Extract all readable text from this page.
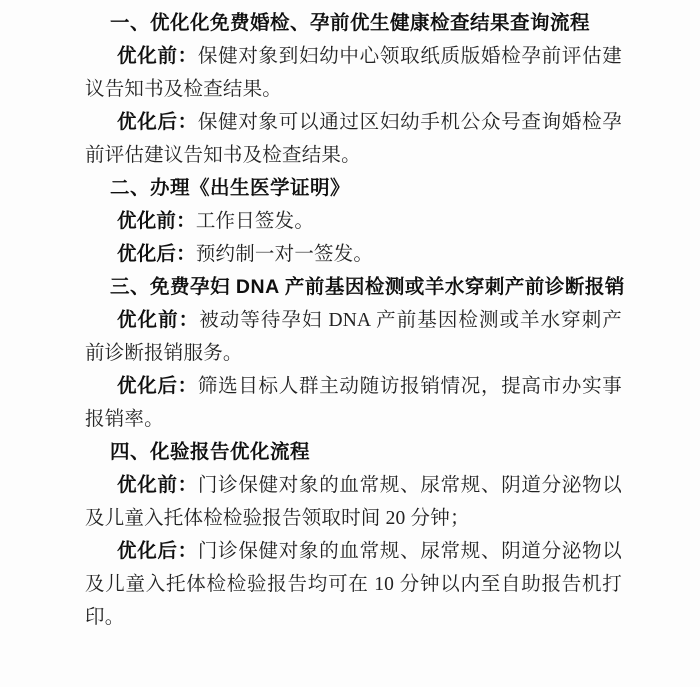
一、优化化免费婚检、孕前优生健康检查结果查询流程

优化前：保健对象到妇幼中心领取纸质版婚检孕前评估建议告知书及检查结果。

优化后：保健对象可以通过区妇幼手机公众号查询婚检孕前评估建议告知书及检查结果。

二、办理《出生医学证明》

优化前：工作日签发。

优化后：预约制一对一签发。

三、免费孕妇 DNA 产前基因检测或羊水穿刺产前诊断报销

优化前：被动等待孕妇 DNA 产前基因检测或羊水穿刺产前诊断报销服务。

优化后：筛选目标人群主动随访报销情况，提高市办实事报销率。

四、化验报告优化流程

优化前：门诊保健对象的血常规、尿常规、阴道分泌物以及儿童入托体检检验报告领取时间 20 分钟；

优化后：门诊保健对象的血常规、尿常规、阴道分泌物以及儿童入托体检检验报告均可在 10 分钟以内至自助报告机打印。
